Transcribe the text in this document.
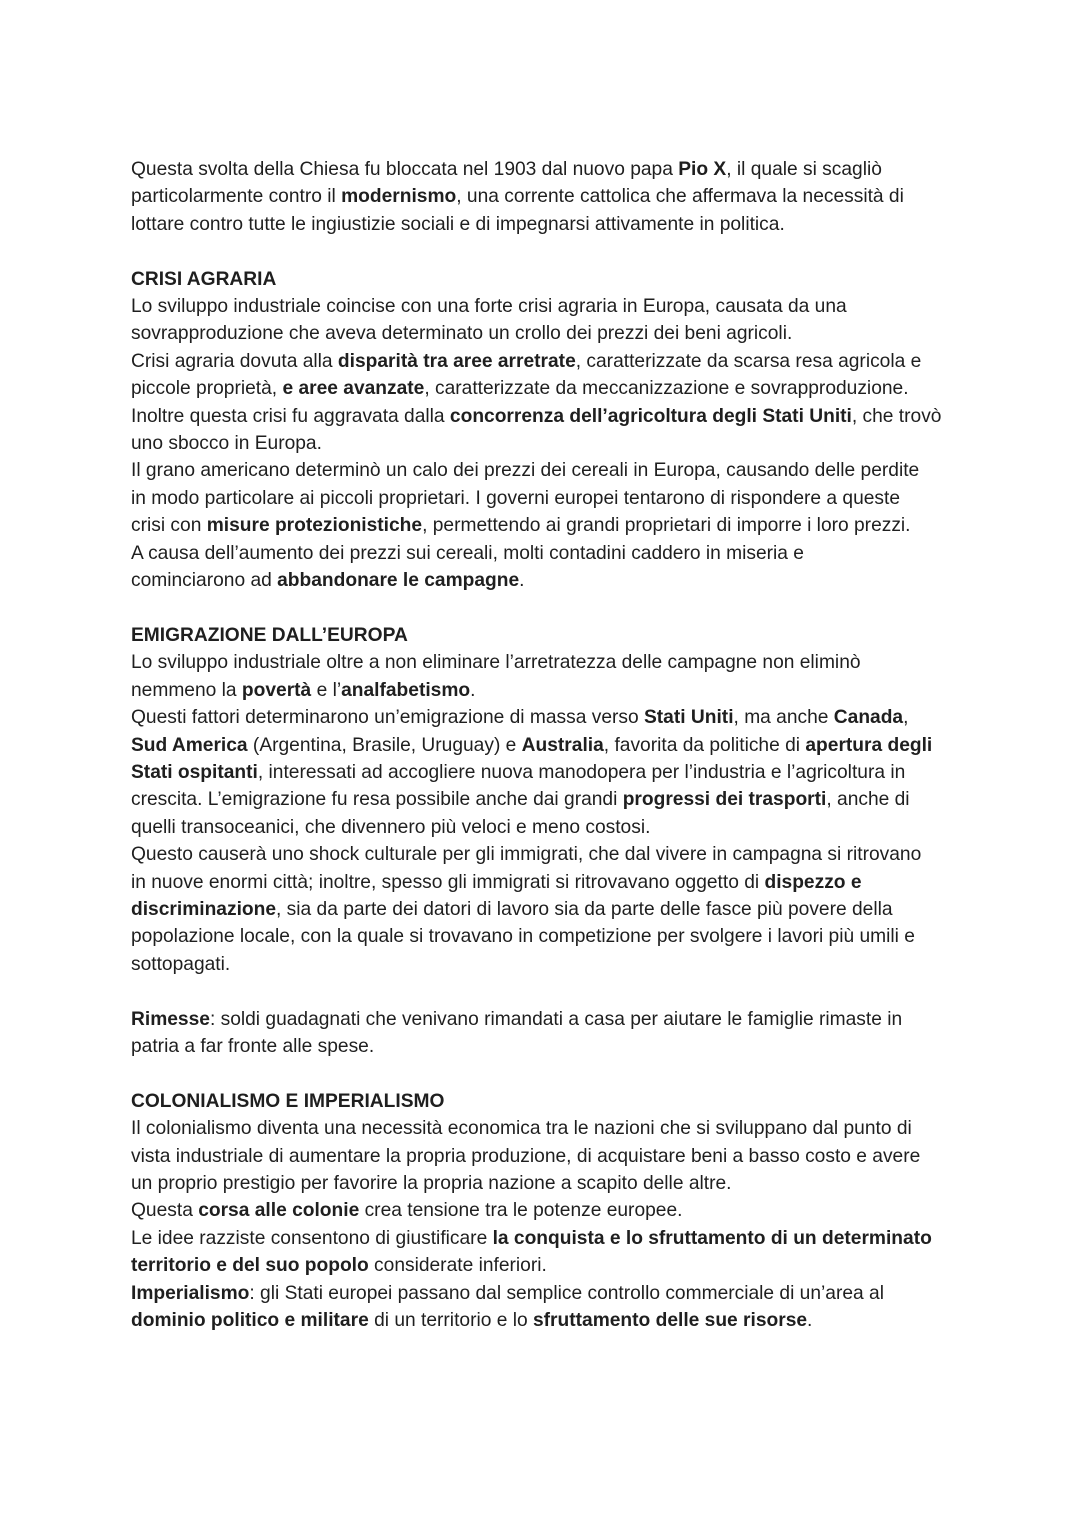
Questa svolta della Chiesa fu bloccata nel 1903 dal nuovo papa Pio X, il quale si scagliò
particolarmente contro il modernismo, una corrente cattolica che affermava la necessità di
lottare contro tutte le ingiustizie sociali e di impegnarsi attivamente in politica.
CRISI AGRARIA
Lo sviluppo industriale coincise con una forte crisi agraria in Europa, causata da una
sovrapproduzione che aveva determinato un crollo dei prezzi dei beni agricoli.
Crisi agraria dovuta alla disparità tra aree arretrate, caratterizzate da scarsa resa agricola e
piccole proprietà, e aree avanzate, caratterizzate da meccanizzazione e sovrapproduzione.
Inoltre questa crisi fu aggravata dalla concorrenza dell’agricoltura degli Stati Uniti, che trovò
uno sbocco in Europa.
Il grano americano determinò un calo dei prezzi dei cereali in Europa, causando delle perdite
in modo particolare ai piccoli proprietari. I governi europei tentarono di rispondere a queste
crisi con misure protezionistiche, permettendo ai grandi proprietari di imporre i loro prezzi.
A causa dell’aumento dei prezzi sui cereali, molti contadini caddero in miseria e
cominciarono ad abbandonare le campagne.
EMIGRAZIONE DALL’EUROPA
Lo sviluppo industriale oltre a non eliminare l’arretratezza delle campagne non eliminò
nemmeno la povertà e l’analfabetismo.
Questi fattori determinarono un’emigrazione di massa verso Stati Uniti, ma anche Canada,
Sud America (Argentina, Brasile, Uruguay) e Australia, favorita da politiche di apertura degli
Stati ospitanti, interessati ad accogliere nuova manodopera per l’industria e l’agricoltura in
crescita. L’emigrazione fu resa possibile anche dai grandi progressi dei trasporti, anche di
quelli transoceanici, che divennero più veloci e meno costosi.
Questo causerà uno shock culturale per gli immigrati, che dal vivere in campagna si ritrovano
in nuove enormi città; inoltre, spesso gli immigrati si ritrovavano oggetto di dispezzo e
discriminazione, sia da parte dei datori di lavoro sia da parte delle fasce più povere della
popolazione locale, con la quale si trovavano in competizione per svolgere i lavori più umili e
sottopagati.
Rimesse: soldi guadagnati che venivano rimandati a casa per aiutare le famiglie rimaste in
patria a far fronte alle spese.
COLONIALISMO E IMPERIALISMO
Il colonialismo diventa una necessità economica tra le nazioni che si sviluppano dal punto di
vista industriale di aumentare la propria produzione, di acquistare beni a basso costo e avere
un proprio prestigio per favorire la propria nazione a scapito delle altre.
Questa corsa alle colonie crea tensione tra le potenze europee.
Le idee razziste consentono di giustificare la conquista e lo sfruttamento di un determinato
territorio e del suo popolo considerate inferiori.
Imperialismo: gli Stati europei passano dal semplice controllo commerciale di un’area al
dominio politico e militare di un territorio e lo sfruttamento delle sue risorse.
